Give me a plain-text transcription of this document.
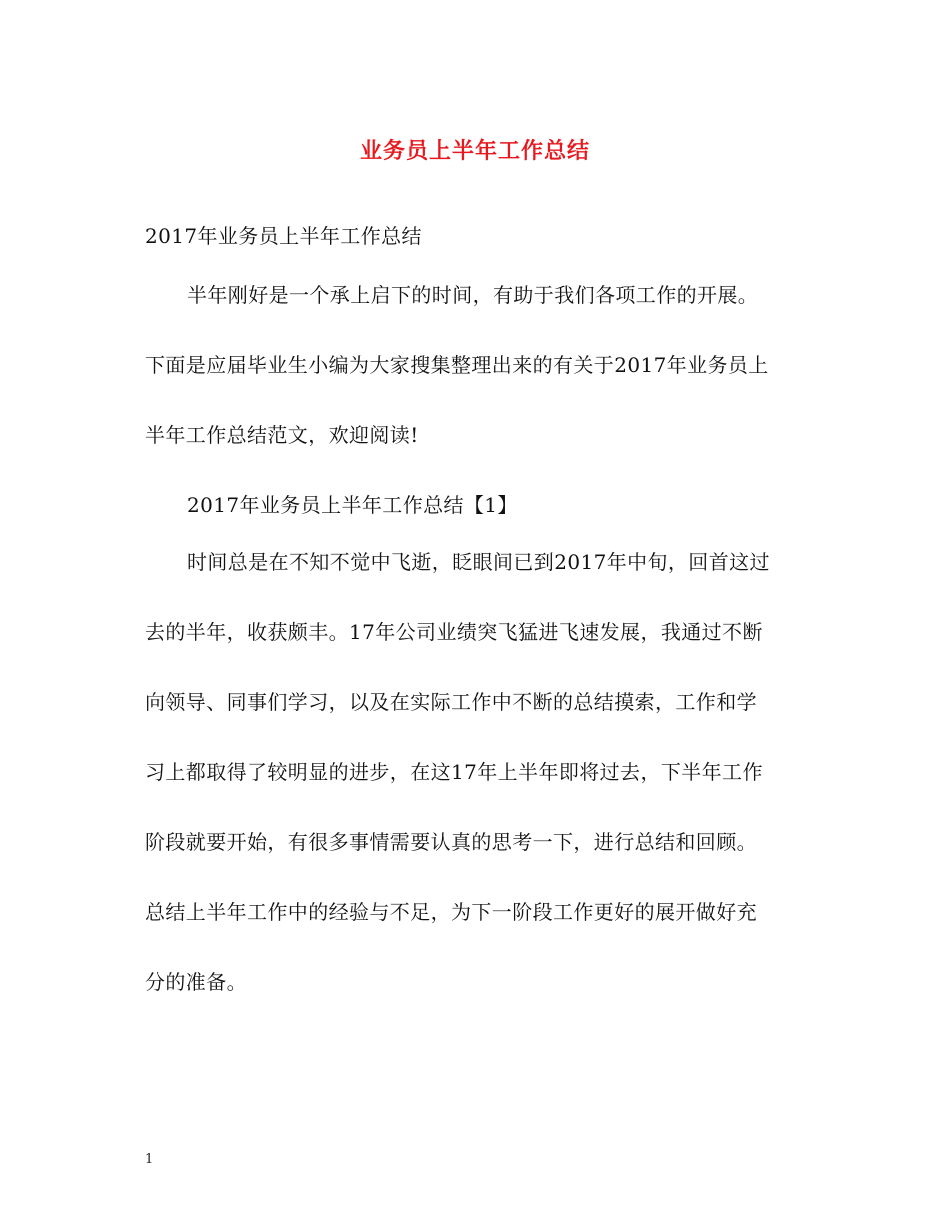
业务员上半年工作总结
2017年业务员上半年工作总结
半年刚好是一个承上启下的时间，有助于我们各项工作的开展。
下面是应届毕业生小编为大家搜集整理出来的有关于2017年业务员上
半年工作总结范文，欢迎阅读!
2017年业务员上半年工作总结【1】
时间总是在不知不觉中飞逝，眨眼间已到2017年中旬，回首这过
去的半年，收获颇丰。17年公司业绩突飞猛进飞速发展，我通过不断
向领导、同事们学习，以及在实际工作中不断的总结摸索，工作和学
习上都取得了较明显的进步，在这17年上半年即将过去，下半年工作
阶段就要开始，有很多事情需要认真的思考一下，进行总结和回顾。
总结上半年工作中的经验与不足，为下一阶段工作更好的展开做好充
分的准备。
1
